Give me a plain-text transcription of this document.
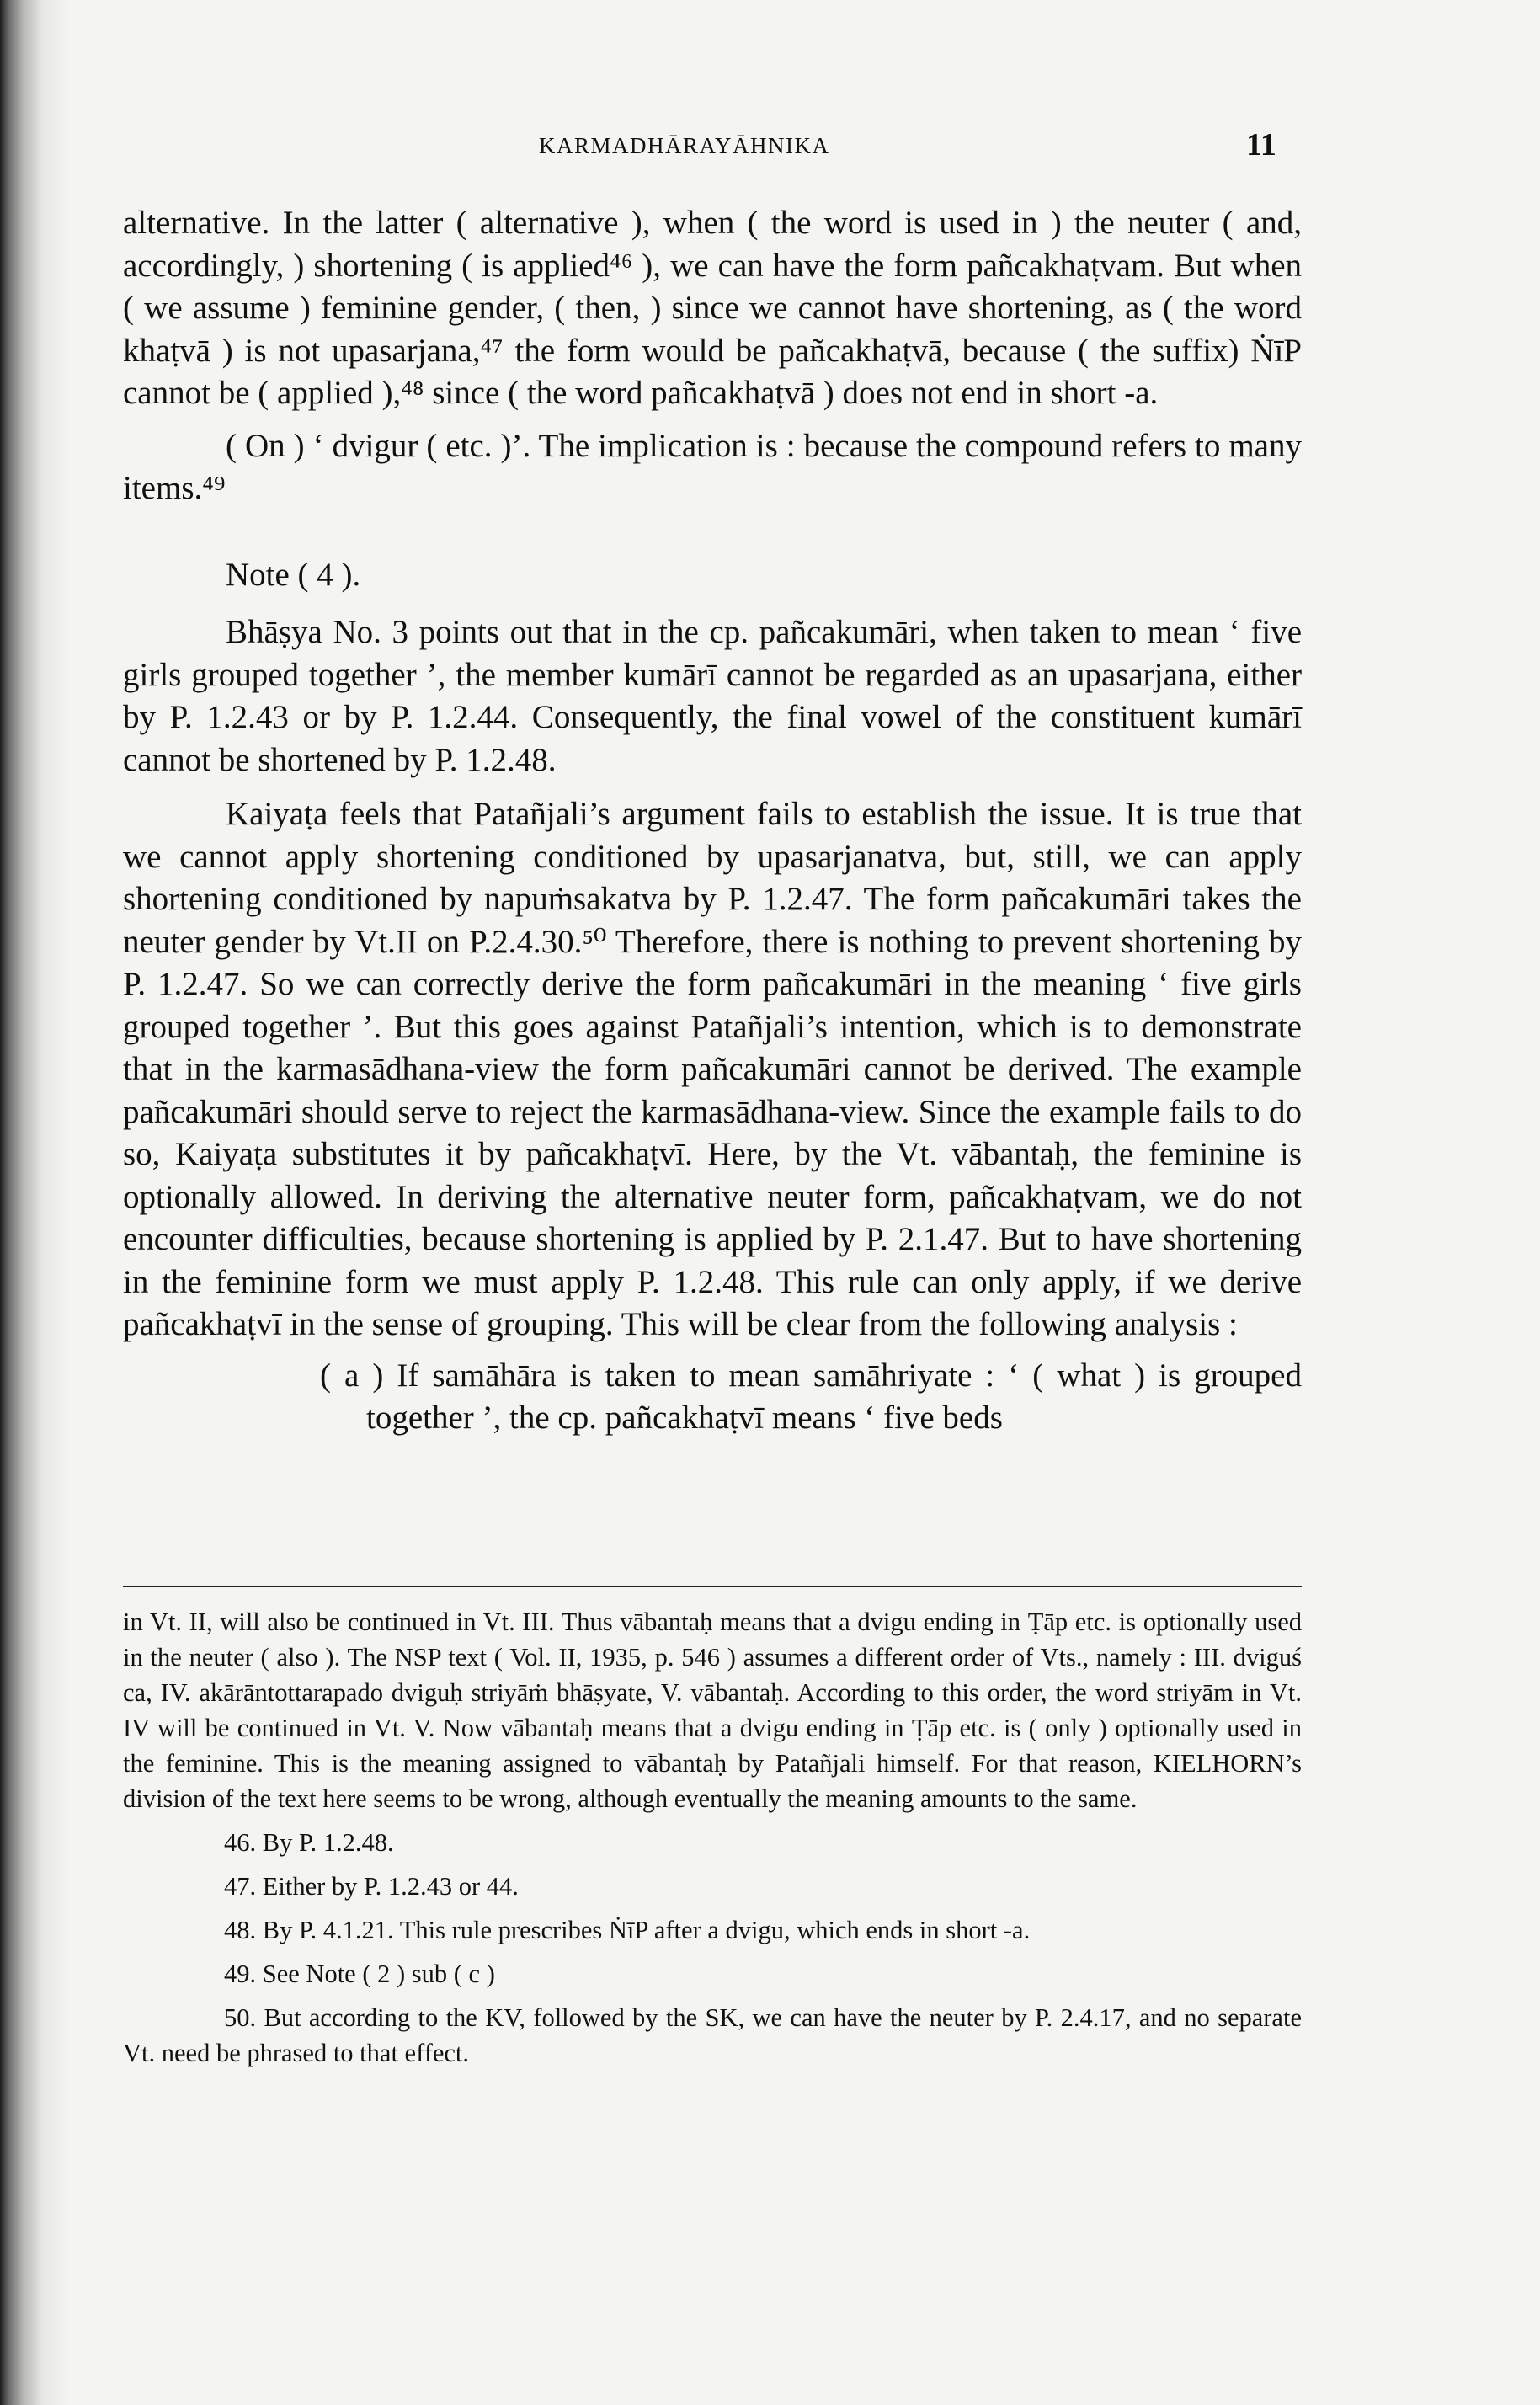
KARMADHĀRAYĀHNIKA	11

alternative. In the latter ( alternative ), when ( the word is used in ) the neuter ( and, accordingly, ) shortening ( is applied⁴⁶ ), we can have the form pañcakhaṭvam. But when ( we assume ) feminine gender, ( then, ) since we cannot have shortening, as ( the word khaṭvā ) is not upasarjana,⁴⁷ the form would be pañcakhaṭvā, because ( the suffix) ṄīP cannot be ( applied ),⁴⁸ since ( the word pañcakhaṭvā ) does not end in short -a.

( On ) ‘ dvigur ( etc. )’. The implication is : because the compound refers to many items.⁴⁹

Note ( 4 ).

Bhāṣya No. 3 points out that in the cp. pañcakumāri, when taken to mean ‘ five girls grouped together ’, the member kumārī cannot be regarded as an upasarjana, either by P. 1.2.43 or by P. 1.2.44. Consequently, the final vowel of the constituent kumārī cannot be shortened by P. 1.2.48.

Kaiyaṭa feels that Patañjali’s argument fails to establish the issue. It is true that we cannot apply shortening conditioned by upasarjanatva, but, still, we can apply shortening conditioned by napuṁsakatva by P. 1.2.47. The form pañcakumāri takes the neuter gender by Vt.II on P.2.4.30.⁵⁰ Therefore, there is nothing to prevent shortening by P. 1.2.47. So we can correctly derive the form pañcakumāri in the meaning ‘ five girls grouped together ’. But this goes against Patañjali’s intention, which is to demonstrate that in the karmasādhana-view the form pañcakumāri cannot be derived. The example pañcakumāri should serve to reject the karmasādhana-view. Since the example fails to do so, Kaiyaṭa substitutes it by pañcakhaṭvī. Here, by the Vt. vābantaḥ, the feminine is optionally allowed. In deriving the alternative neuter form, pañcakhaṭvam, we do not encounter difficulties, because shortening is applied by P. 2.1.47. But to have shortening in the feminine form we must apply P. 1.2.48. This rule can only apply, if we derive pañcakhaṭvī in the sense of grouping. This will be clear from the following analysis :

( a ) If samāhāra is taken to mean samāhriyate : ‘ ( what ) is grouped together ’, the cp. pañcakhaṭvī means ‘ five beds

in Vt. II, will also be continued in Vt. III. Thus vābantaḥ means that a dvigu ending in Ṭāp etc. is optionally used in the neuter ( also ). The NSP text ( Vol. II, 1935, p. 546 ) assumes a different order of Vts., namely : III. dviguś ca, IV. akārāntottarapado dviguḥ striyāṁ bhāṣyate, V. vābantaḥ. According to this order, the word striyām in Vt. IV will be continued in Vt. V. Now vābantaḥ means that a dvigu ending in Ṭāp etc. is ( only ) optionally used in the feminine. This is the meaning assigned to vābantaḥ by Patañjali himself. For that reason, KIELHORN’s division of the text here seems to be wrong, although eventually the meaning amounts to the same.

46. By P. 1.2.48.

47. Either by P. 1.2.43 or 44.

48. By P. 4.1.21. This rule prescribes ṄīP after a dvigu, which ends in short -a.

49. See Note ( 2 ) sub ( c )

50. But according to the KV, followed by the SK, we can have the neuter by P. 2.4.17, and no separate Vt. need be phrased to that effect.
